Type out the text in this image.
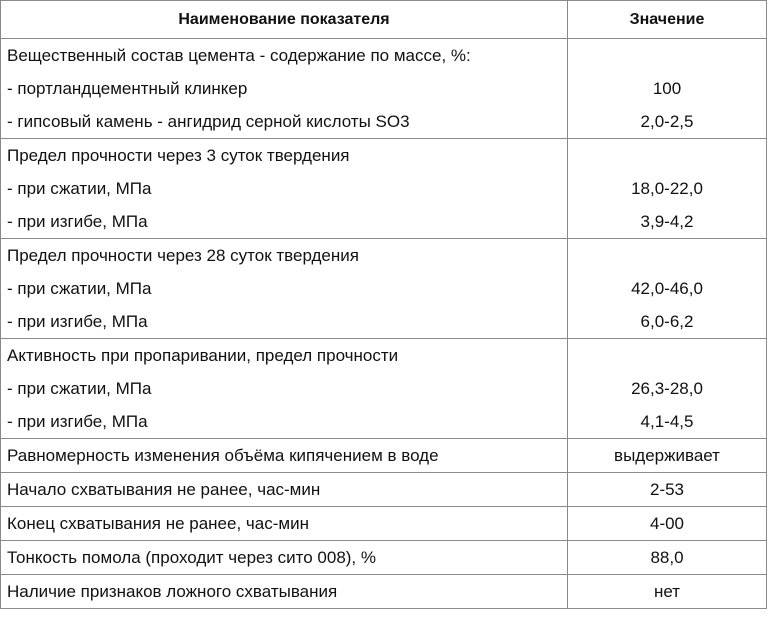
Наименование показателя	Значение
Вещественный состав цемента - содержание по массе, %:	
- портландцементный клинкер	100
- гипсовый камень - ангидрид серной кислоты SO3	2,0-2,5
Предел прочности через 3 суток твердения	
- при сжатии, МПа	18,0-22,0
- при изгибе, МПа	3,9-4,2
Предел прочности через 28 суток твердения	
- при сжатии, МПа	42,0-46,0
- при изгибе, МПа	6,0-6,2
Активность при пропаривании, предел прочности	
- при сжатии, МПа	26,3-28,0
- при изгибе, МПа	4,1-4,5
Равномерность изменения объёма кипячением в воде	выдерживает
Начало схватывания не ранее, час-мин	2-53
Конец схватывания не ранее, час-мин	4-00
Тонкость помола (проходит через сито 008), %	88,0
Наличие признаков ложного схватывания	нет
